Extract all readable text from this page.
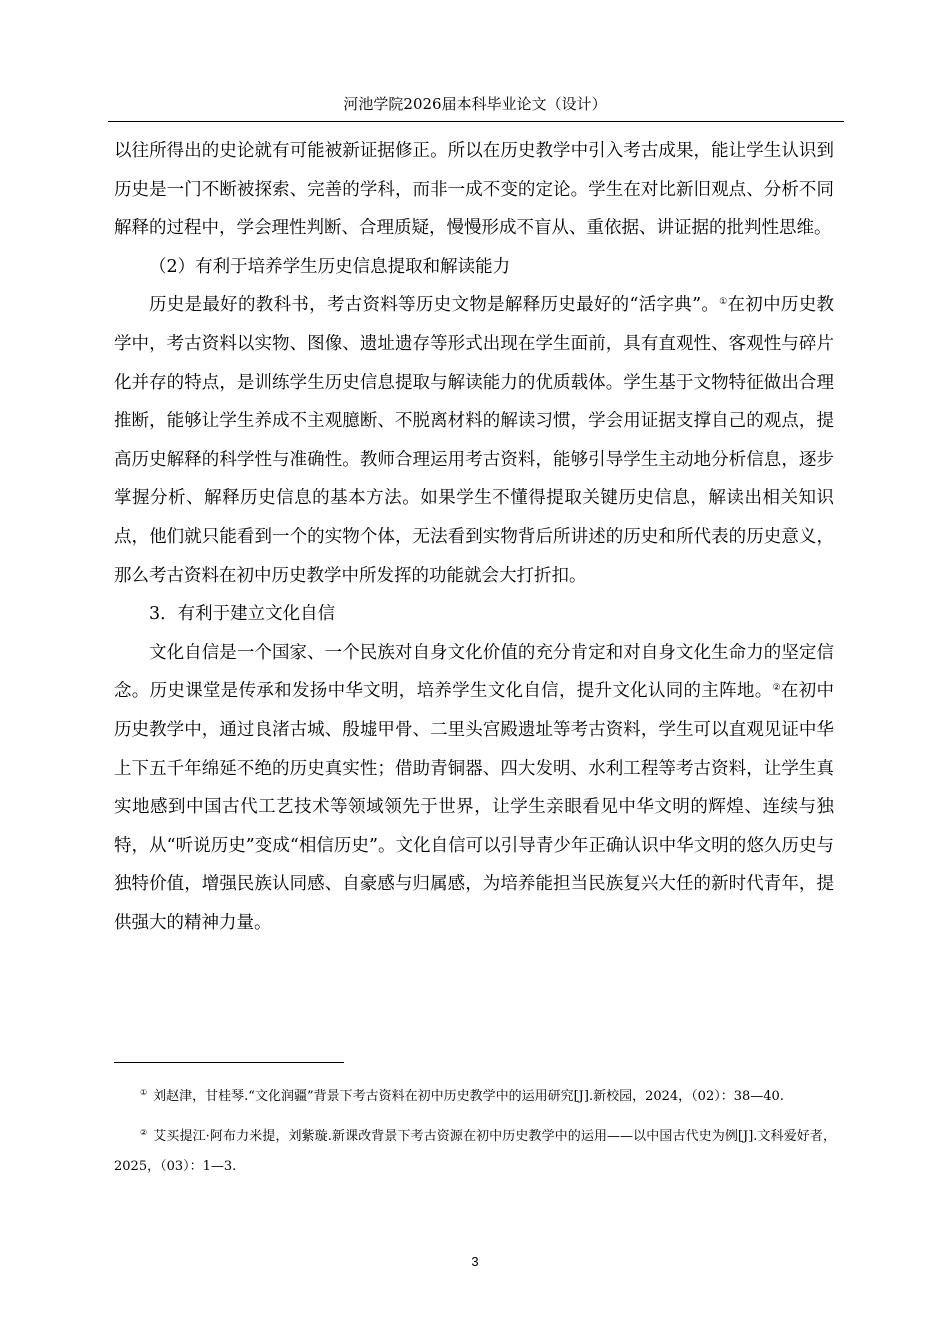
河池学院2026届本科毕业论文（设计）

以往所得出的史论就有可能被新证据修正。所以在历史教学中引入考古成果，能让学生认识到历史是一门不断被探索、完善的学科，而非一成不变的定论。学生在对比新旧观点、分析不同解释的过程中，学会理性判断、合理质疑，慢慢形成不盲从、重依据、讲证据的批判性思维。

（2）有利于培养学生历史信息提取和解读能力

历史是最好的教科书，考古资料等历史文物是解释历史最好的“活字典”。①在初中历史教学中，考古资料以实物、图像、遗址遗存等形式出现在学生面前，具有直观性、客观性与碎片化并存的特点，是训练学生历史信息提取与解读能力的优质载体。学生基于文物特征做出合理推断，能够让学生养成不主观臆断、不脱离材料的解读习惯，学会用证据支撑自己的观点，提高历史解释的科学性与准确性。教师合理运用考古资料，能够引导学生主动地分析信息，逐步掌握分析、解释历史信息的基本方法。如果学生不懂得提取关键历史信息，解读出相关知识点，他们就只能看到一个的实物个体，无法看到实物背后所讲述的历史和所代表的历史意义，那么考古资料在初中历史教学中所发挥的功能就会大打折扣。

3．有利于建立文化自信

文化自信是一个国家、一个民族对自身文化价值的充分肯定和对自身文化生命力的坚定信念。历史课堂是传承和发扬中华文明，培养学生文化自信，提升文化认同的主阵地。②在初中历史教学中，通过良渚古城、殷墟甲骨、二里头宫殿遗址等考古资料，学生可以直观见证中华上下五千年绵延不绝的历史真实性；借助青铜器、四大发明、水利工程等考古资料，让学生真实地感到中国古代工艺技术等领域领先于世界，让学生亲眼看见中华文明的辉煌、连续与独特，从“听说历史”变成“相信历史”。文化自信可以引导青少年正确认识中华文明的悠久历史与独特价值，增强民族认同感、自豪感与归属感，为培养能担当民族复兴大任的新时代青年，提供强大的精神力量。

① 刘赵津，甘桂琴.“文化润疆”背景下考古资料在初中历史教学中的运用研究[J].新校园，2024，（02）：38—40.

② 艾买提江·阿布力米提，刘紫璇.新课改背景下考古资源在初中历史教学中的运用——以中国古代史为例[J].文科爱好者，2025，（03）：1—3.

3
